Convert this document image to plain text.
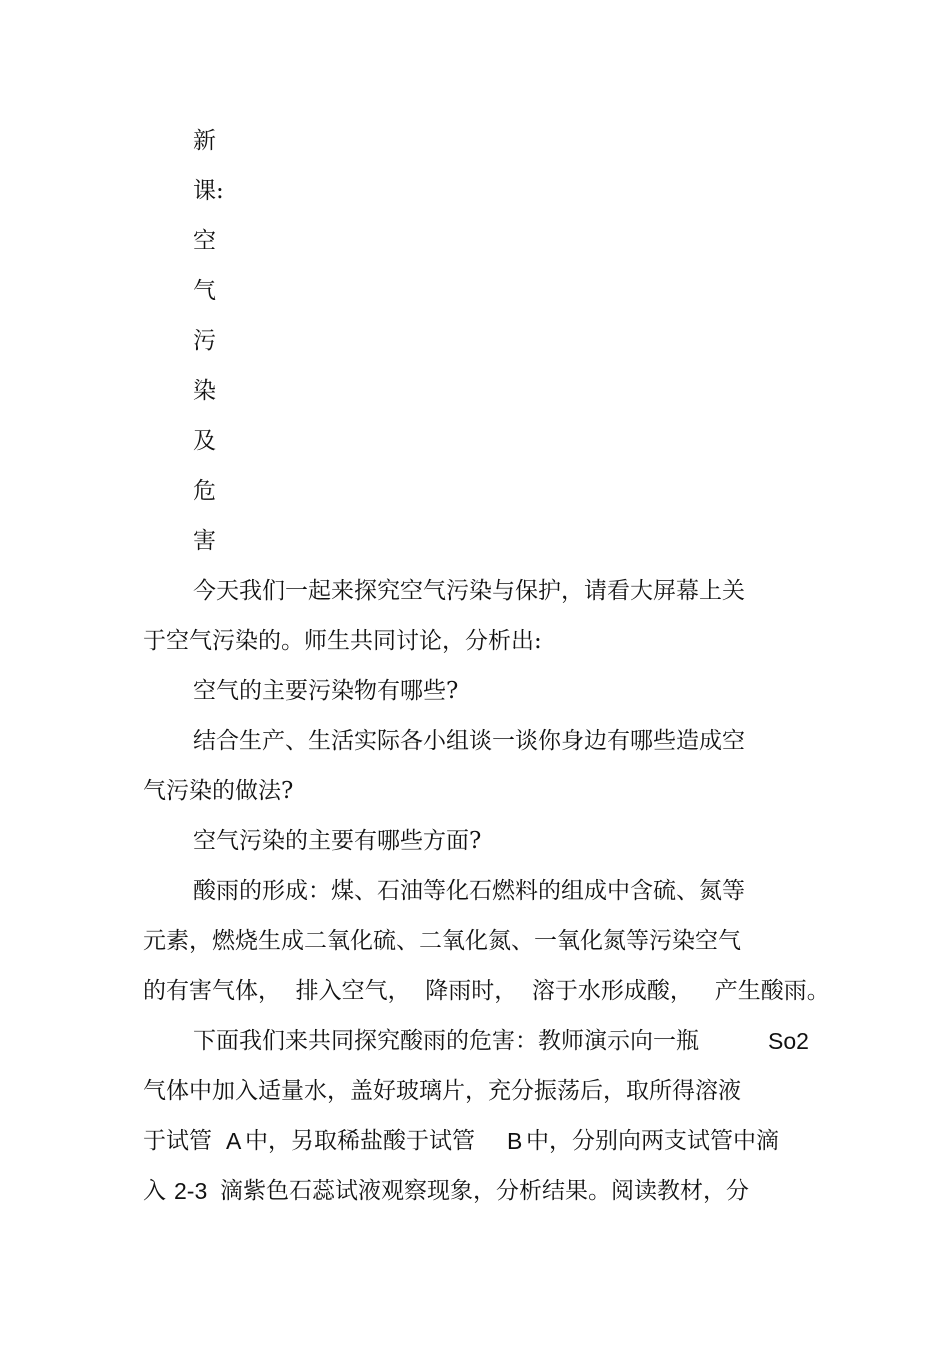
新
课:
空
气
污
染
及
危
害
今天我们一起来探究空气污染与保护，请看大屏幕上关
于空气污染的。师生共同讨论，分析出:
空气的主要污染物有哪些?
结合生产、生活实际各小组谈一谈你身边有哪些造成空
气污染的做法?
空气污染的主要有哪些方面?
酸雨的形成：煤、石油等化石燃料的组成中含硫、氮等
元素，燃烧生成二氧化硫、二氧化氮、一氧化氮等污染空气
的有害气体，  排入空气，  降雨时，  溶于水形成酸，   产生酸雨。
下面我们来共同探究酸雨的危害：教师演示向一瓶	So2
气体中加入适量水，盖好玻璃片，充分振荡后，取所得溶液
于试管 A 中，另取稀盐酸于试管 B 中，分别向两支试管中滴
入 2-3 滴紫色石蕊试液观察现象，分析结果。阅读教材，分
